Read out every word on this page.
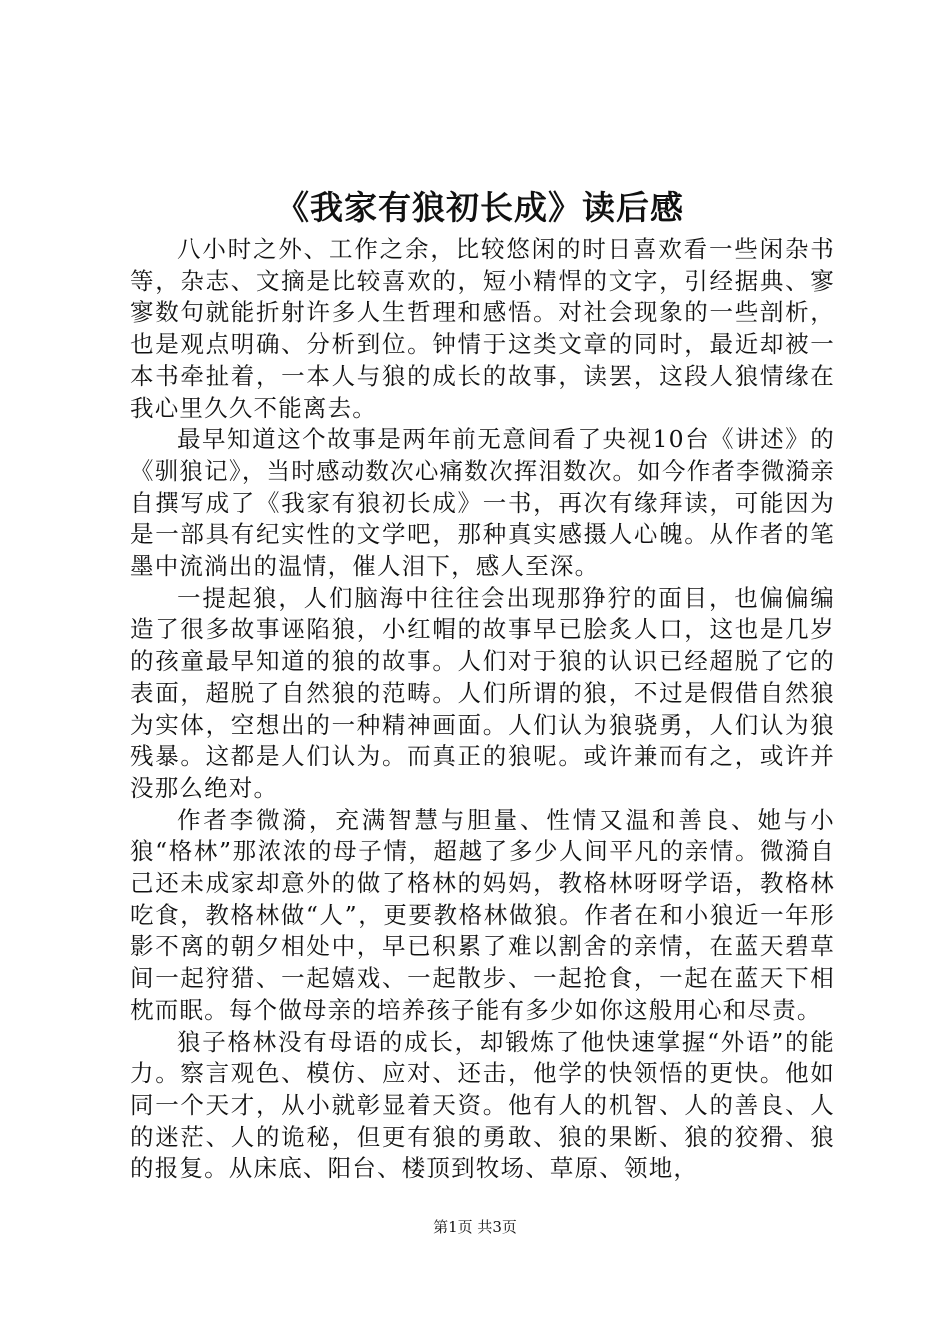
《我家有狼初长成》读后感

八小时之外、工作之余，比较悠闲的时日喜欢看一些闲杂书等，杂志、文摘是比较喜欢的，短小精悍的文字，引经据典、寥寥数句就能折射许多人生哲理和感悟。对社会现象的一些剖析，也是观点明确、分析到位。钟情于这类文章的同时，最近却被一本书牵扯着，一本人与狼的成长的故事，读罢，这段人狼情缘在我心里久久不能离去。

最早知道这个故事是两年前无意间看了央视10台《讲述》的《驯狼记》，当时感动数次心痛数次挥泪数次。如今作者李微漪亲自撰写成了《我家有狼初长成》一书，再次有缘拜读，可能因为是一部具有纪实性的文学吧，那种真实感摄人心魄。从作者的笔墨中流淌出的温情，催人泪下，感人至深。

一提起狼，人们脑海中往往会出现那狰狞的面目，也偏偏编造了很多故事诬陷狼，小红帽的故事早已脍炙人口，这也是几岁的孩童最早知道的狼的故事。人们对于狼的认识已经超脱了它的表面，超脱了自然狼的范畴。人们所谓的狼，不过是假借自然狼为实体，空想出的一种精神画面。人们认为狼骁勇，人们认为狼残暴。这都是人们认为。而真正的狼呢。或许兼而有之，或许并没那么绝对。

作者李微漪，充满智慧与胆量、性情又温和善良、她与小狼“格林”那浓浓的母子情，超越了多少人间平凡的亲情。微漪自己还未成家却意外的做了格林的妈妈，教格林呀呀学语，教格林吃食，教格林做“人”，更要教格林做狼。作者在和小狼近一年形影不离的朝夕相处中，早已积累了难以割舍的亲情，在蓝天碧草间一起狩猎、一起嬉戏、一起散步、一起抢食，一起在蓝天下相枕而眠。每个做母亲的培养孩子能有多少如你这般用心和尽责。

狼子格林没有母语的成长，却锻炼了他快速掌握“外语”的能力。察言观色、模仿、应对、还击，他学的快领悟的更快。他如同一个天才，从小就彰显着天资。他有人的机智、人的善良、人的迷茫、人的诡秘，但更有狼的勇敢、狼的果断、狼的狡猾、狼的报复。从床底、阳台、楼顶到牧场、草原、领地，

第1页 共3页
